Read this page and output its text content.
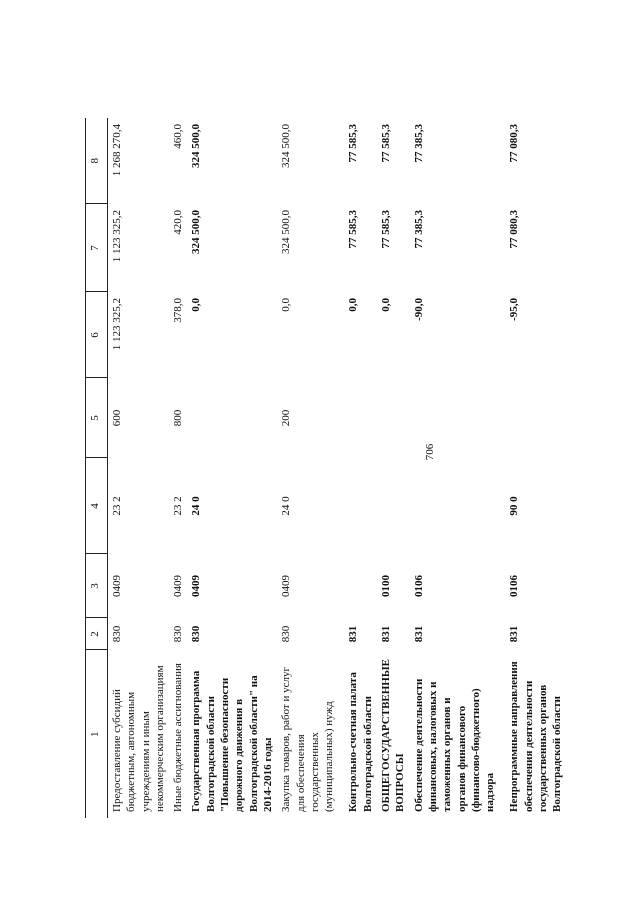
706
1	2	3	4	5	6	7	8
Предоставление субсидий бюджетным, автономным учреждениям и иным некоммерческим организациям	830	0409	23 2	600	1 123 325,2	1 123 325,2	1 268 270,4
Иные бюджетные ассигнования	830	0409	23 2	800	378,0	420,0	460,0
Государственная программа Волгоградской области "Повышение безопасности дорожного движения в Волгоградской области" на 2014-2016 годы	830	0409	24 0		0,0	324 500,0	324 500,0
Закупка товаров, работ и услуг для обеспечения государственных (муниципальных) нужд	830	0409	24 0	200	0,0	324 500,0	324 500,0
Контрольно-счетная палата Волгоградской области	831				0,0	77 585,3	77 585,3
ОБЩЕГОСУДАРСТВЕННЫЕ ВОПРОСЫ	831	0100			0,0	77 585,3	77 585,3
Обеспечение деятельности финансовых, налоговых и таможенных органов и органов финансового (финансово-бюджетного) надзора	831	0106			-90,0	77 385,3	77 385,3
Непрограммные направления обеспечения деятельности государственных органов Волгоградской области	831	0106	90 0		-95,0	77 080,3	77 080,3
